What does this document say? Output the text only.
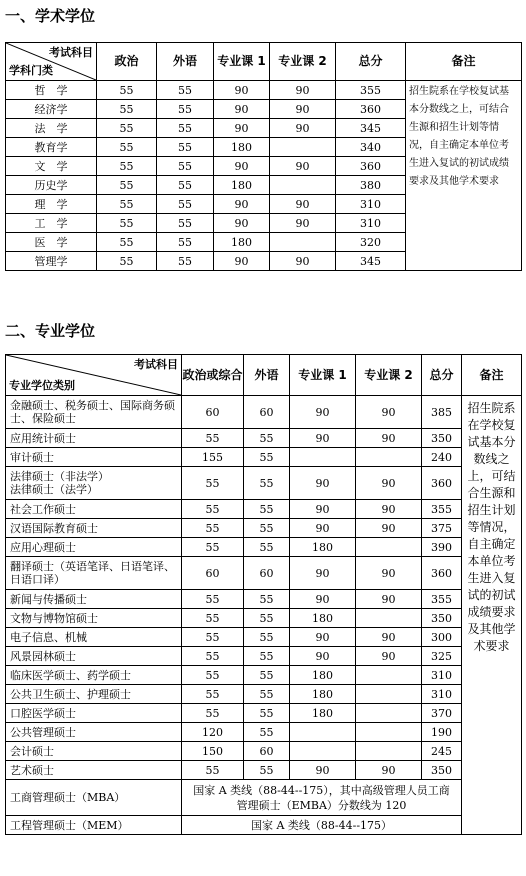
一、学术学位
考试科目
学科门类	政治	外语	专业课 1	专业课 2	总分	备注
哲　学	55	55	90	90	355	招生院系在学校复试基本分数线之上，可结合生源和招生计划等情况，自主确定本单位考生进入复试的初试成绩要求及其他学术要求
经济学	55	55	90	90	360	
法　学	55	55	90	90	345	
教育学	55	55	180		340	
文　学	55	55	90	90	360	
历史学	55	55	180		380	
理　学	55	55	90	90	310	
工　学	55	55	90	90	310	
医　学	55	55	180		320	
管理学	55	55	90	90	345	
二、专业学位
考试科目
专业学位类别	政治或综合	外语	专业课 1	专业课 2	总分	备注
金融硕士、税务硕士、国际商务硕士、保险硕士	60	60	90	90	385	招生院系在学校复试基本分数线之上，可结合生源和招生计划等情况，自主确定本单位考生进入复试的初试成绩要求及其他学术要求
应用统计硕士	55	55	90	90	350	
审计硕士	155	55			240	
法律硕士（非法学）
法律硕士（法学）	55	55	90	90	360	
社会工作硕士	55	55	90	90	355	
汉语国际教育硕士	55	55	90	90	375	
应用心理硕士	55	55	180		390	
翻译硕士（英语笔译、日语笔译、日语口译）	60	60	90	90	360	
新闻与传播硕士	55	55	90	90	355	
文物与博物馆硕士	55	55	180		350	
电子信息、机械	55	55	90	90	300	
风景园林硕士	55	55	90	90	325	
临床医学硕士、药学硕士	55	55	180		310	
公共卫生硕士、护理硕士	55	55	180		310	
口腔医学硕士	55	55	180		370	
公共管理硕士	120	55			190	
会计硕士	150	60			245	
艺术硕士	55	55	90	90	350	
工商管理硕士（MBA）	国家 A 类线（88-44--175），其中高级管理人员工商管理硕士（EMBA）分数线为 120					
工程管理硕士（MEM）	国家 A 类线（88-44--175）					
